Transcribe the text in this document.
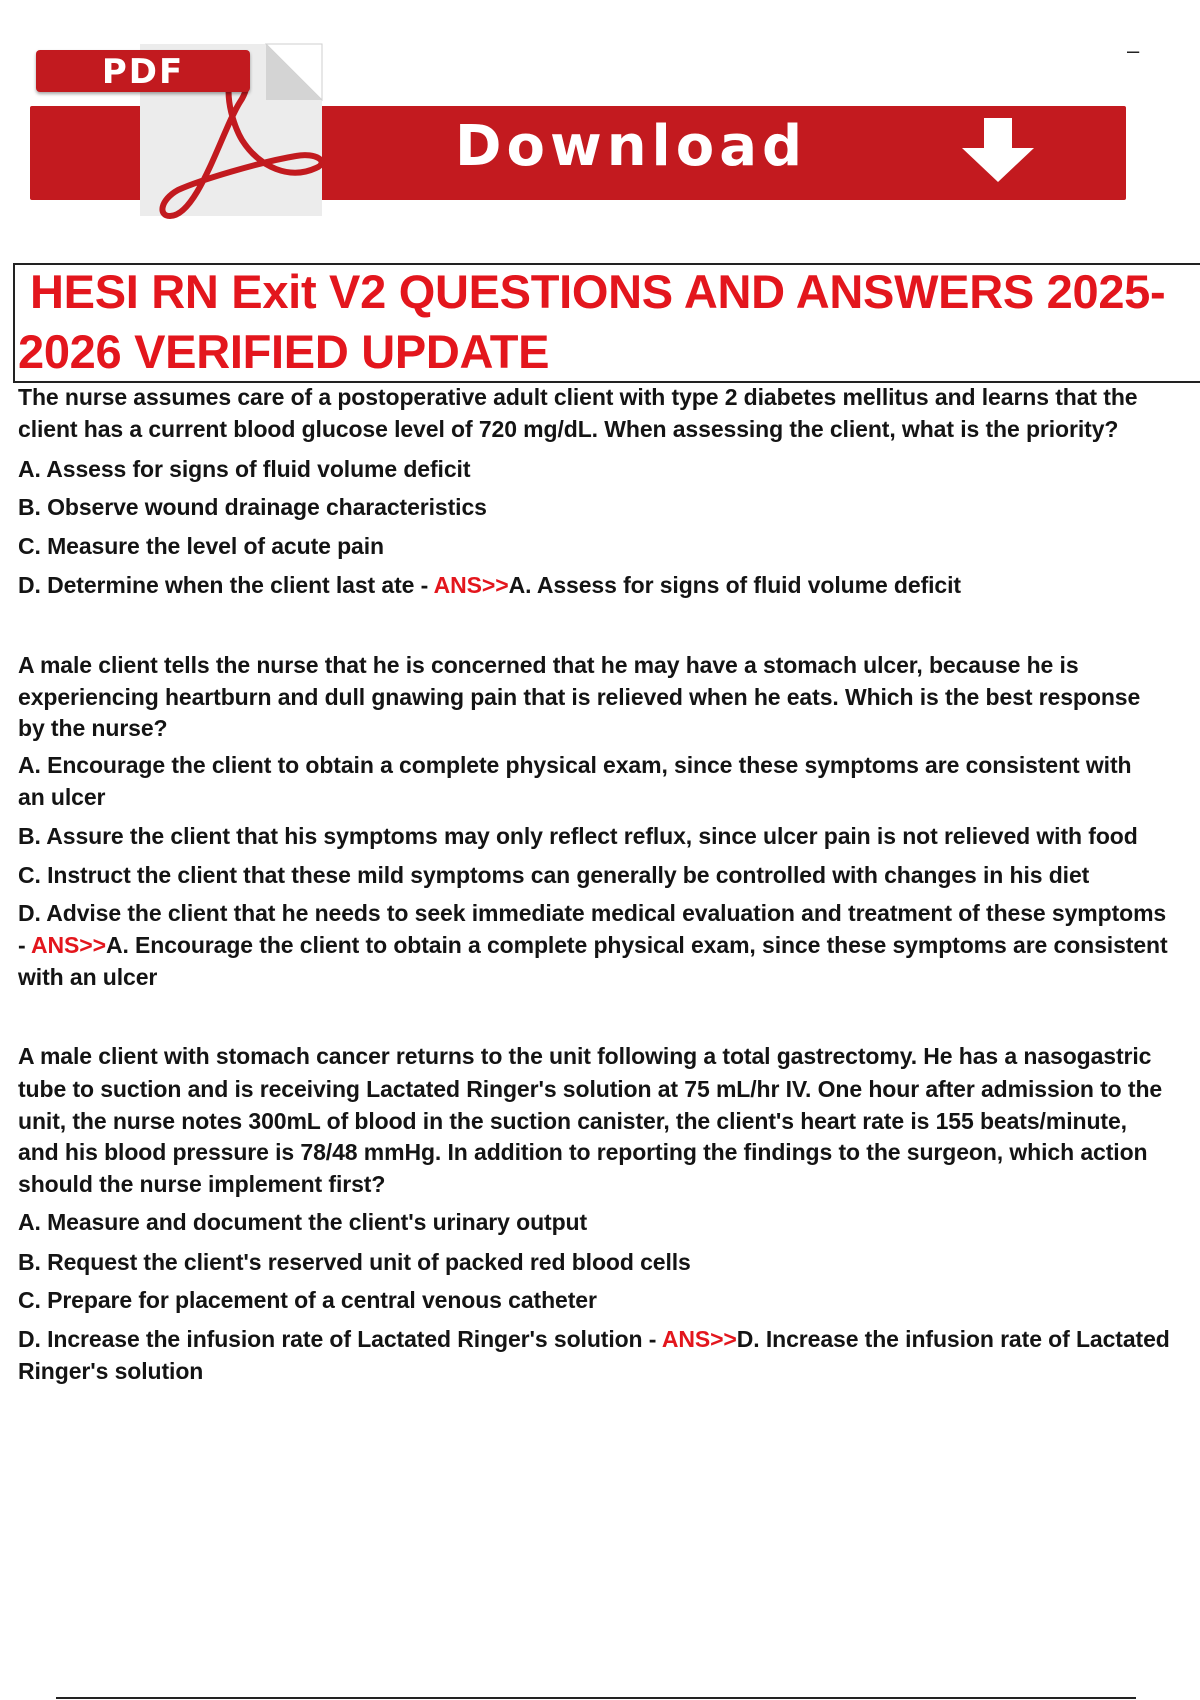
–
PDF
Download
HESI RN Exit V2 QUESTIONS AND ANSWERS 2025-
2026 VERIFIED UPDATE
The nurse assumes care of a postoperative adult client with type 2 diabetes mellitus and learns that the
client has a current blood glucose level of 720 mg/dL. When assessing the client, what is the priority?
A. Assess for signs of fluid volume deficit
B. Observe wound drainage characteristics
C. Measure the level of acute pain
D. Determine when the client last ate - ANS>>A. Assess for signs of fluid volume deficit
A male client tells the nurse that he is concerned that he may have a stomach ulcer, because he is
experiencing heartburn and dull gnawing pain that is relieved when he eats. Which is the best response
by the nurse?
A. Encourage the client to obtain a complete physical exam, since these symptoms are consistent with
an ulcer
B. Assure the client that his symptoms may only reflect reflux, since ulcer pain is not relieved with food
C. Instruct the client that these mild symptoms can generally be controlled with changes in his diet
D. Advise the client that he needs to seek immediate medical evaluation and treatment of these symptoms
- ANS>>A. Encourage the client to obtain a complete physical exam, since these symptoms are consistent
with an ulcer
A male client with stomach cancer returns to the unit following a total gastrectomy. He has a nasogastric
tube to suction and is receiving Lactated Ringer's solution at 75 mL/hr IV. One hour after admission to the
unit, the nurse notes 300mL of blood in the suction canister, the client's heart rate is 155 beats/minute,
and his blood pressure is 78/48 mmHg. In addition to reporting the findings to the surgeon, which action
should the nurse implement first?
A. Measure and document the client's urinary output
B. Request the client's reserved unit of packed red blood cells
C. Prepare for placement of a central venous catheter
D. Increase the infusion rate of Lactated Ringer's solution - ANS>>D. Increase the infusion rate of Lactated
Ringer's solution
